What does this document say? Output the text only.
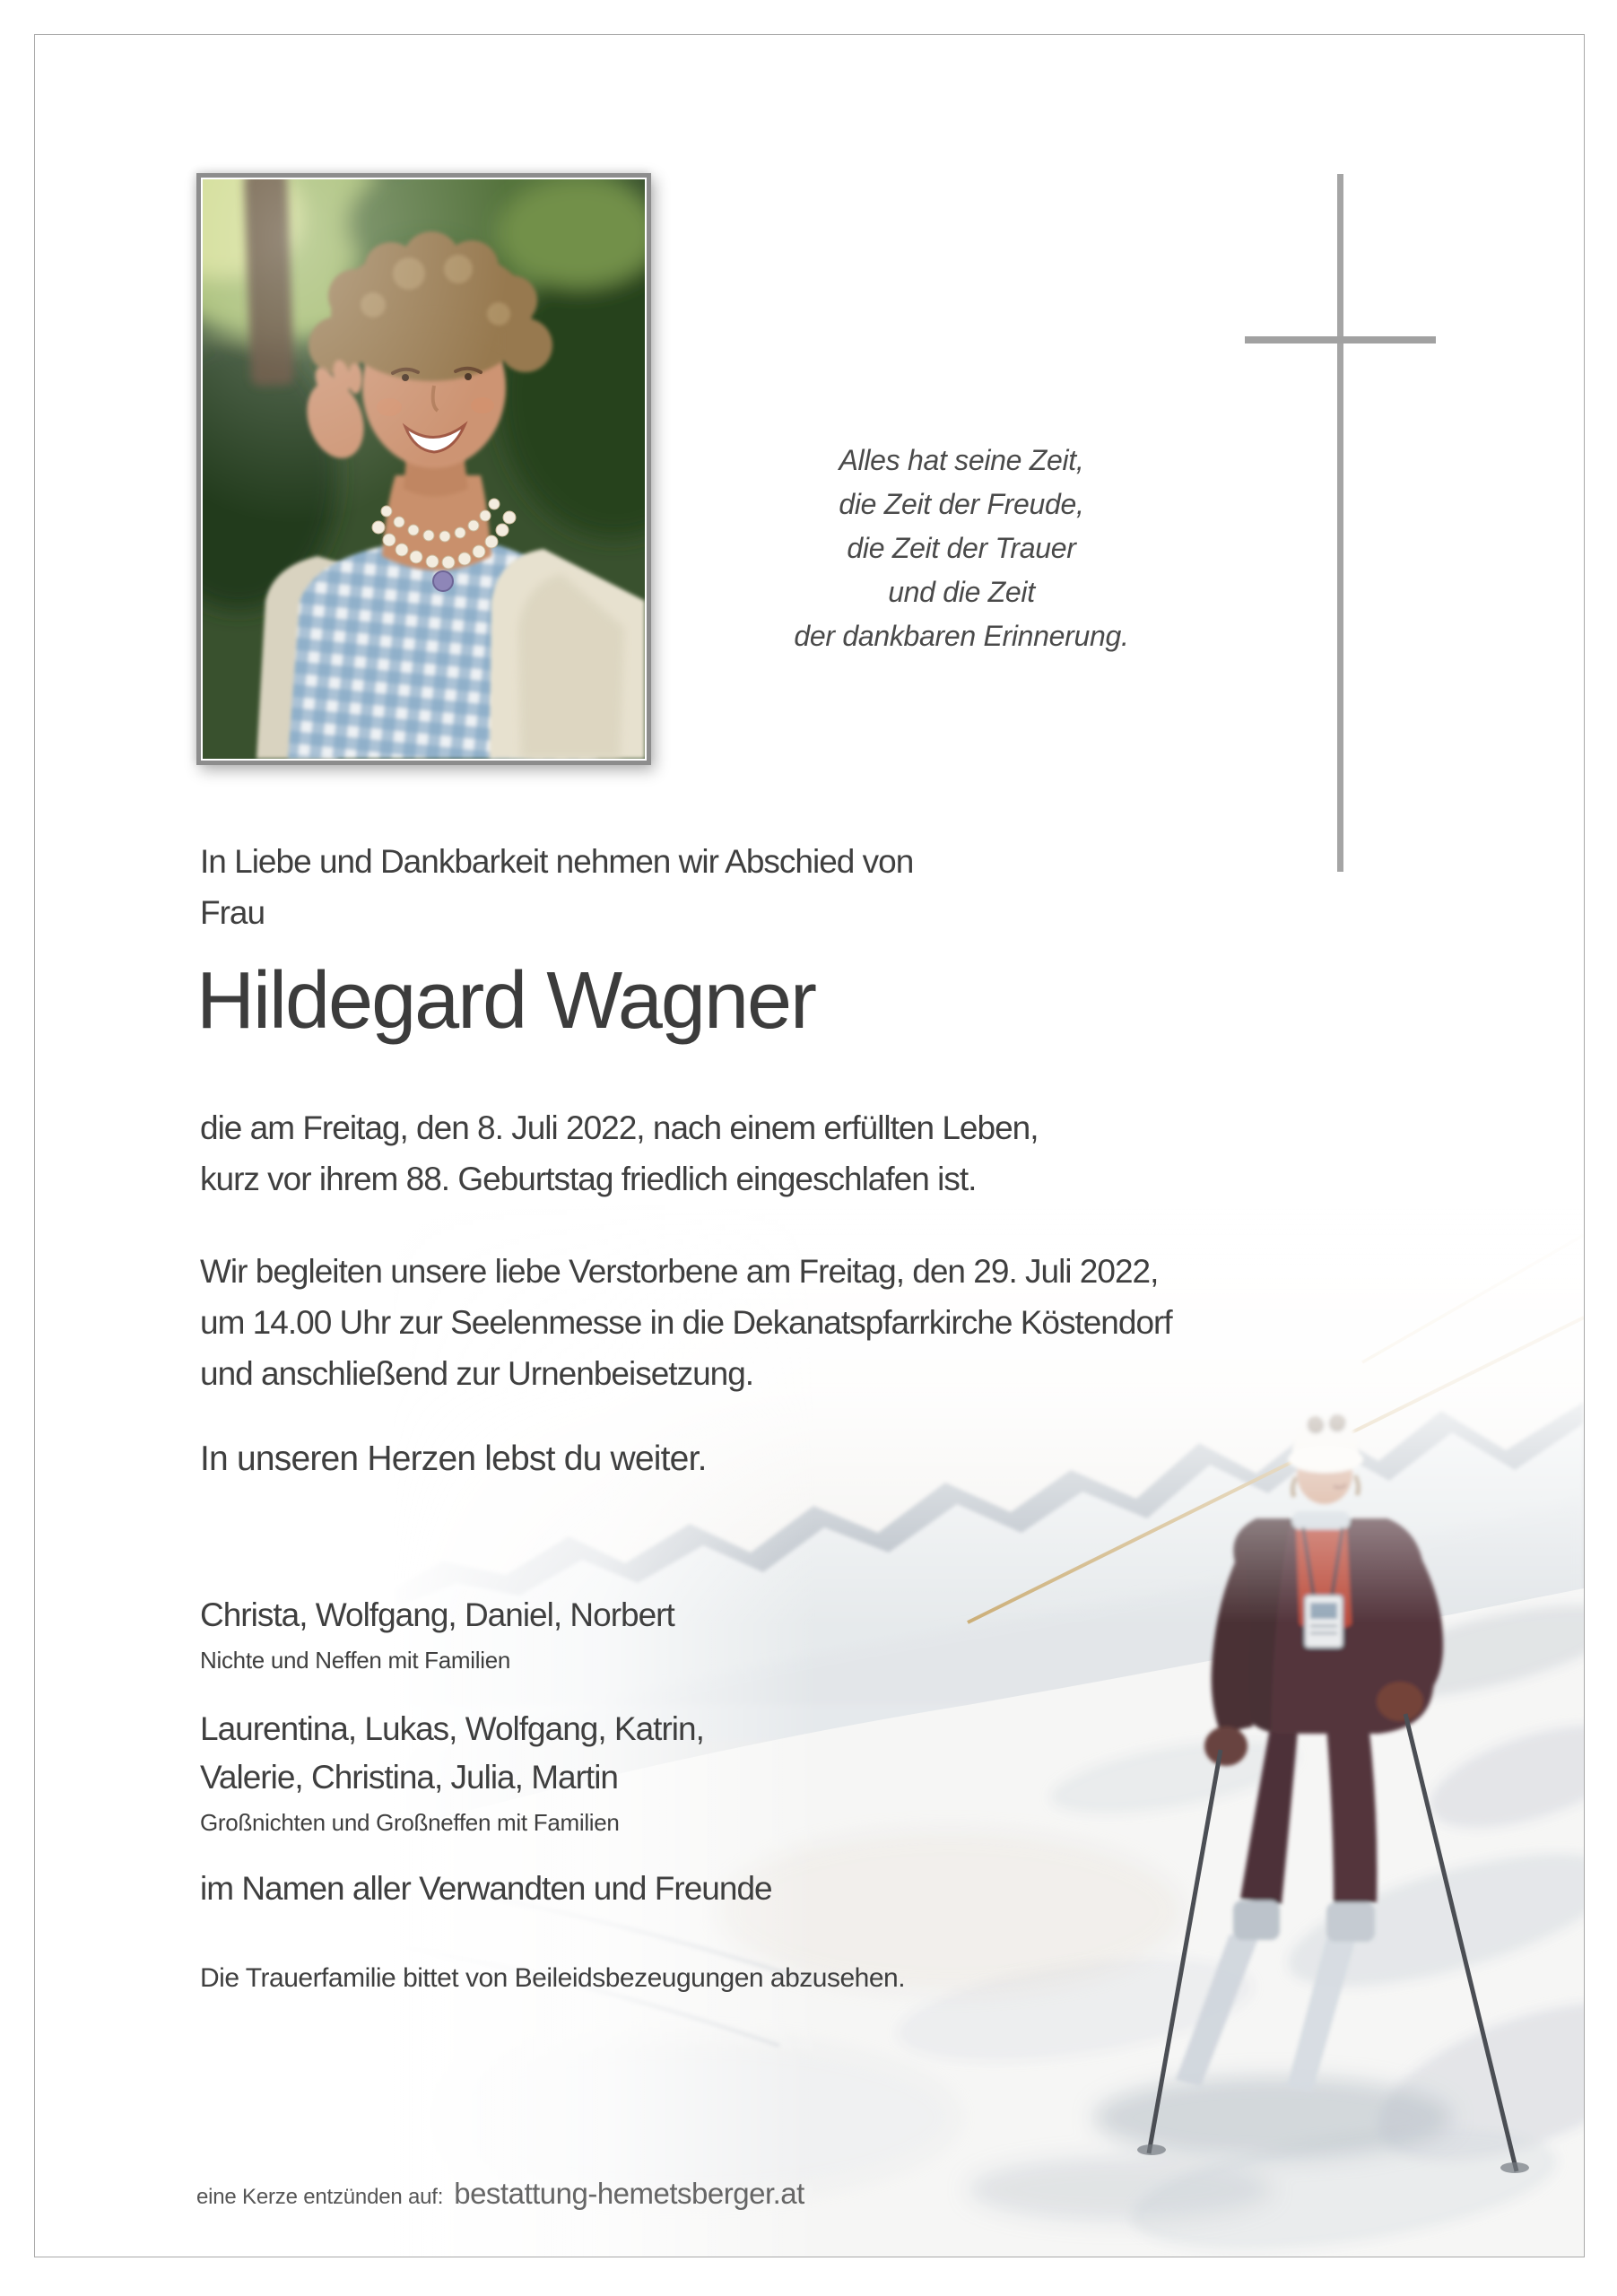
Alles hat seine Zeit,
die Zeit der Freude,
die Zeit der Trauer
und die Zeit
der dankbaren Erinnerung.
In Liebe und Dankbarkeit nehmen wir Abschied von
Frau
Hildegard Wagner
die am Freitag, den 8. Juli 2022, nach einem erfüllten Leben,
kurz vor ihrem 88. Geburtstag friedlich eingeschlafen ist.
Wir begleiten unsere liebe Verstorbene am Freitag, den 29. Juli 2022,
um 14.00 Uhr zur Seelenmesse in die Dekanatspfarrkirche Köstendorf
und anschließend zur Urnenbeisetzung.
In unseren Herzen lebst du weiter.
Christa, Wolfgang, Daniel, Norbert
Nichte und Neffen mit Familien
Laurentina, Lukas, Wolfgang, Katrin,
Valerie, Christina, Julia, Martin
Großnichten und Großneffen mit Familien
im Namen aller Verwandten und Freunde
Die Trauerfamilie bittet von Beileidsbezeugungen abzusehen.
eine Kerze entzünden auf: bestattung-hemetsberger.at
